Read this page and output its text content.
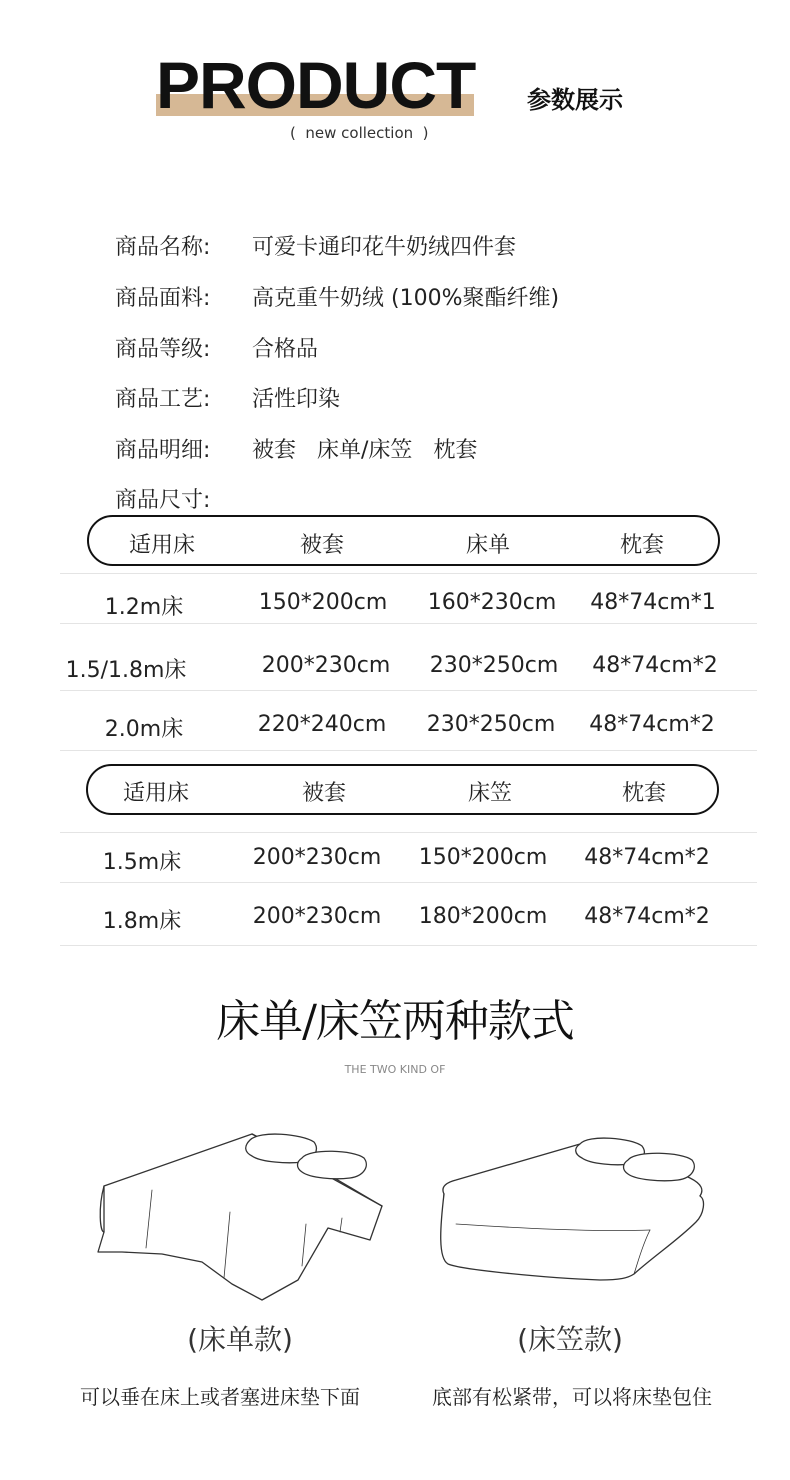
PRODUCT 参数展示
(  new collection  )

商品名称: 可爱卡通印花牛奶绒四件套

商品面料: 高克重牛奶绒 (100%聚酯纤维)

商品等级: 合格品

商品工艺: 活性印染

商品明细: 被套   床单/床笠   枕套

商品尺寸:

适用床	被套	床单	枕套
1.2m床	150*200cm	160*230cm	48*74cm*1
1.5/1.8m床	200*230cm	230*250cm	48*74cm*2
2.0m床	220*240cm	230*250cm	48*74cm*2
适用床	被套	床笠	枕套
1.5m床	200*230cm	150*200cm	48*74cm*2
1.8m床	200*230cm	180*200cm	48*74cm*2
床单/床笠两种款式
THE TWO KIND OF
(床单款)	(床笠款)
可以垂在床上或者塞进床垫下面	底部有松紧带，可以将床垫包住
